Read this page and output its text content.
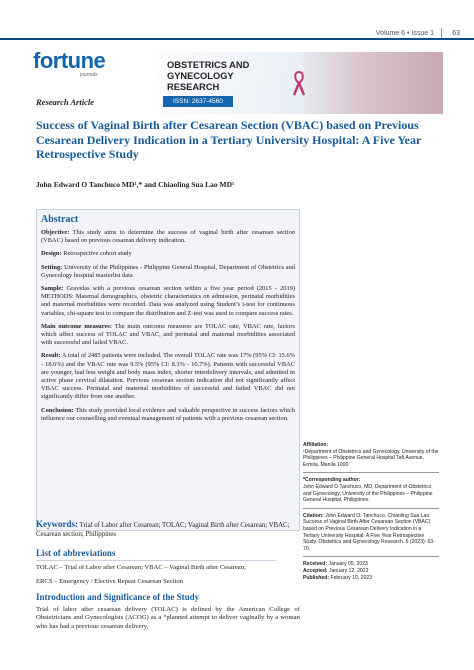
Volume 6 • Issue 1	63
fortune
journals
OBSTETRICS AND GYNECOLOGY
RESEARCH
ISSN: 2637-4560
Research Article
Success of Vaginal Birth after Cesarean Section (VBAC) based on Previous Cesarean Delivery Indication in a Tertiary University Hospital: A Five Year Retrospective Study
John Edward O Tanchuco MD¹,* and Chiaoling Sua Lao MD¹
Abstract

Objective: This study aims to determine the success of vaginal birth after cesarean section (VBAC) based on previous cesarean delivery indication.

Design: Retrospective cohort study

Setting: University of the Philippines - Philippine General Hospital, Department of Obstetrics and Gynecology hospital masterlist data

Sample: Gravidas with a previous cesarean section within a five year period (2015 - 2019) METHODS: Maternal demographics, obstetric characteristics on admission, perinatal morbidities and maternal morbidities were recorded. Data was analyzed using Student’s t-test for continuous variables, chi-square test to compare the distribution and Z-test was used to compare success rates.

Main outcome measures: The main outcome measures are TOLAC rate, VBAC rate, factors which affect success of TOLAC and VBAC, and perinatal and maternal morbidities associated with successful and failed VBAC.

Result: A total of 2485 patients were included. The overall TOLAC rate was 17% (95% CI: 15.6% - 18.6%) and the VBAC rate was 9.5% (95% CI: 8.3% - 10.7%). Patients with successful VBAC are younger, had less weight and body mass index, shorter interdelivery intervals, and admitted in active phase cervical dilatation. Previous cesarean section indication did not significantly affect VBAC success. Perinatal and maternal morbidities of successful and failed VBAC did not significantly differ from one another.

Conclusion: This study provided local evidence and valuable perspective in success factors which influence our counselling and eventual management of patients with a previous cesarean section.

Keywords: Trial of Labor after Cesarean; TOLAC; Vaginal Birth after Cesarean; VBAC; Cesarean section; Philippines
List of abbreviations
TOLAC – Trial of Labor after Cesarean; VBAC – Vaginal Birth after Cesarean;
ERCS – Emergency / Elective Repeat Cesarean Section
Introduction and Significance of the Study
Trial of labor after cesarean delivery (TOLAC) is defined by the American College of Obstetricians and Gynecologists (ACOG) as a “planned attempt to deliver vaginally by a woman who has had a previous cesarean delivery,

Affiliation:
¹Department of Obstetrics and Gynecology, University of the Philippines – Philippine General Hospital Taft Avenue, Ermita, Manila 1000

*Corresponding author:
John Edward O Tanchuco, MD, Department of Obstetrics and Gynecology, University of the Philippines – Philippine General Hospital, Philippines.

Citation: John Edward O. Tanchuco, Chiaoling Sua Lao. Success of Vaginal Birth After Cesarean Section (VBAC) based on Previous Cesarean Delivery Indication in a Tertiary University Hospital: A Five Year Retrospective Study. Obstetrics and Gynecology Research. 6 (2023): 63-70.

Received: January 05, 2023
Accepted: January 12, 2023
Published: February 10, 2023
